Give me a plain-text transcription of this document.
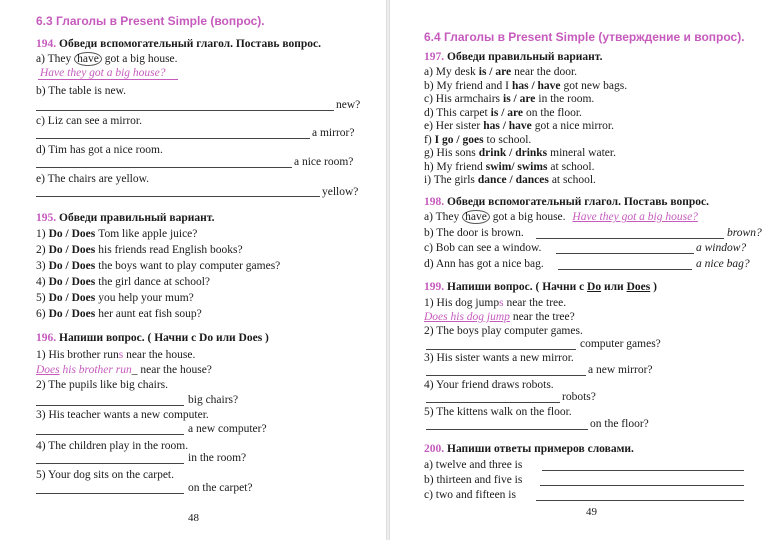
6.3 Глаголы в Present Simple (вопрос).
194. Обведи вспомогательный глагол. Поставь вопрос.
a) They have got a big house.
Have they got a big house?
b) The table is new.
new?
c) Liz can see a mirror.
a mirror?
d) Tim has got a nice room.
a nice room?
e) The chairs are yellow.
yellow?
195. Обведи правильный вариант.
196. Напиши вопрос. ( Начни с Do или Does )
1) His brother runs near the house.
Does his brother run_ near the house?
2) The pupils like big chairs.
big chairs?
3) His teacher wants a new computer.
a new computer?
4) The children play in the room.
in the room?
5) Your dog sits on the carpet.
on the carpet?
48
1) Do / Does Tom like apple juice?
2) Do / Does his friends read English books?
3) Do / Does the boys want to play computer games?
4) Do / Does the girl dance at school?
5) Do / Does you help your mum?
6) Do / Does her aunt eat fish soup?
6.4 Глаголы в Present Simple (утверждение и вопрос).
197. Обведи правильный вариант.
198. Обведи вспомогательный глагол. Поставь вопрос.
a) They have got a big house. Have they got a big house?
b) The door is brown.	brown?
c) Bob can see a window.	a window?
d) Ann has got a nice bag.	a nice bag?
199. Напиши вопрос. ( Начни с Do или Does )
1) His dog jumps near the tree.
Does his dog jump near the tree?
2) The boys play computer games.
computer games?
3) His sister wants a new mirror.
a new mirror?
4) Your friend draws robots.
robots?
5) The kittens walk on the floor.
on the floor?
200. Напиши ответы примеров словами.
a) twelve and three is
b) thirteen and five is
c) two and fifteen is
49
a) My desk is / are near the door.
b) My friend and I has / have got new bags.
c) His armchairs is / are in the room.
d) This carpet is / are on the floor.
e) Her sister has / have got a nice mirror.
f) I go / goes to school.
g) His sons drink / drinks mineral water.
h) My friend swim/ swims at school.
i) The girls dance / dances at school.
